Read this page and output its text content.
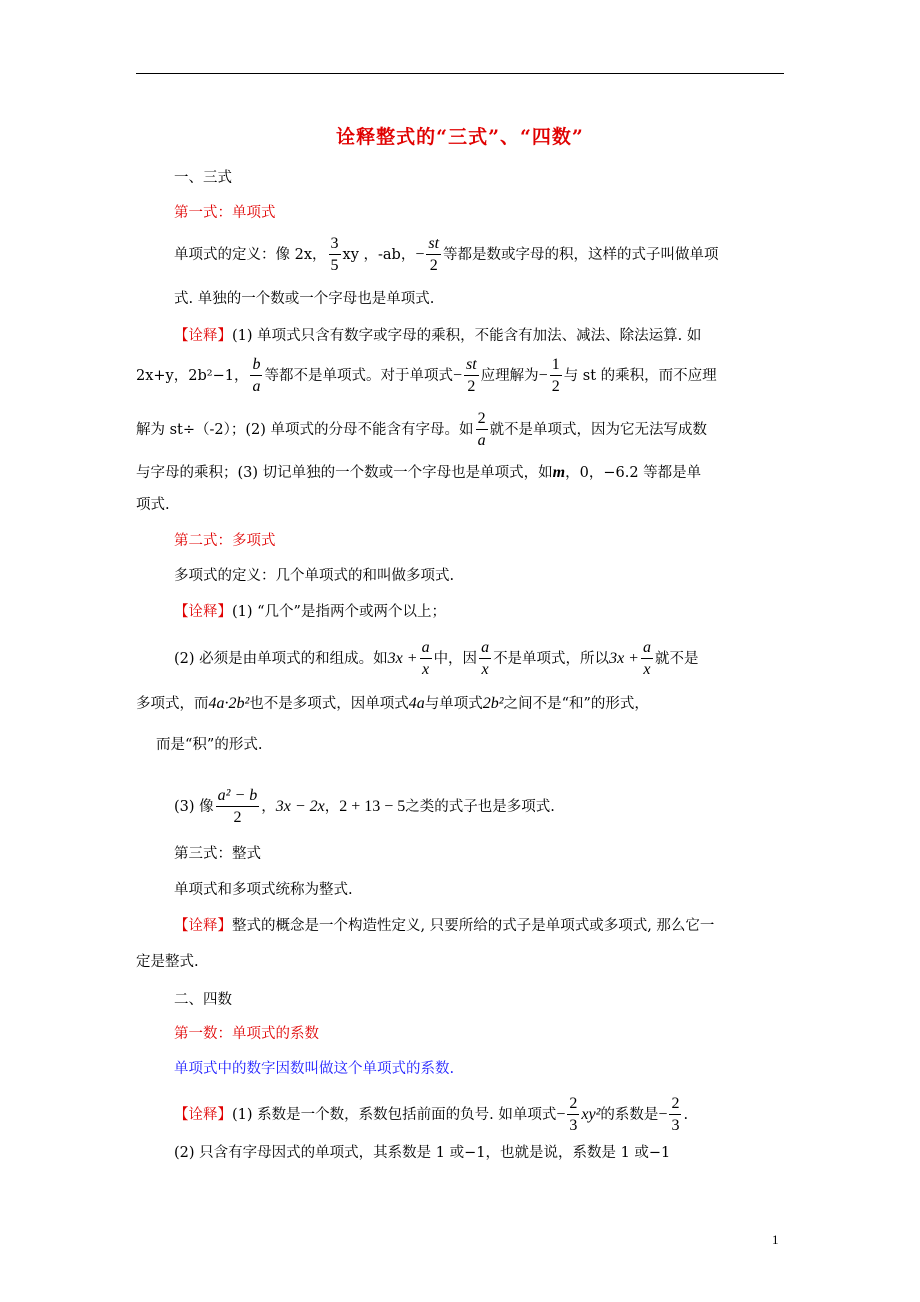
诠释整式的“三式”、“四数”
一、三式
第一式：单项式
单项式的定义：像 2x， $\frac{3}{5}$ xy ，-ab，− $\frac{st}{2}$ 等都是数或字母的积，这样的式子叫做单项
式. 单独的一个数或一个字母也是单项式.
【诠释】(1) 单项式只含有数字或字母的乘积，不能含有加法、减法、除法运算. 如
2x+y，2b²−1， $\frac{b}{a}$ 等都不是单项式。对于单项式− $\frac{st}{2}$ 应理解为− $\frac{1}{2}$ 与 st 的乘积，而不应理
解为 st÷（-2）；(2) 单项式的分母不能含有字母。如 $\frac{2}{a}$ 就不是单项式，因为它无法写成数
与字母的乘积；(3) 切记单独的一个数或一个字母也是单项式，如m，0，−6.2 等都是单
项式.
第二式：多项式
多项式的定义：几个单项式的和叫做多项式.
【诠释】(1) “几个”是指两个或两个以上；
(2) 必须是由单项式的和组成。如$3x + \frac{a}{x}$ 中，因 $\frac{a}{x}$ 不是单项式，所以$3x + \frac{a}{x}$ 就不是
多项式，而4a·2b²也不是多项式，因单项式4a与单项式2b²之间不是“和”的形式，
而是“积”的形式.
(3) 像 $\frac{\text{a² − b}}{2}$ ，3x − 2x，2 + 13 − 5之类的式子也是多项式.
第三式：整式
单项式和多项式统称为整式.
【诠释】整式的概念是一个构造性定义, 只要所给的式子是单项式或多项式, 那么它一
定是整式.
二、四数
第一数：单项式的系数
单项式中的数字因数叫做这个单项式的系数.
【诠释】(1) 系数是一个数，系数包括前面的负号. 如单项式− $\frac{2}{3} xy^2$的系数是− $\frac{2}{3}$ .
(2) 只含有字母因式的单项式，其系数是 1 或−1，也就是说，系数是 1 或−1
1
